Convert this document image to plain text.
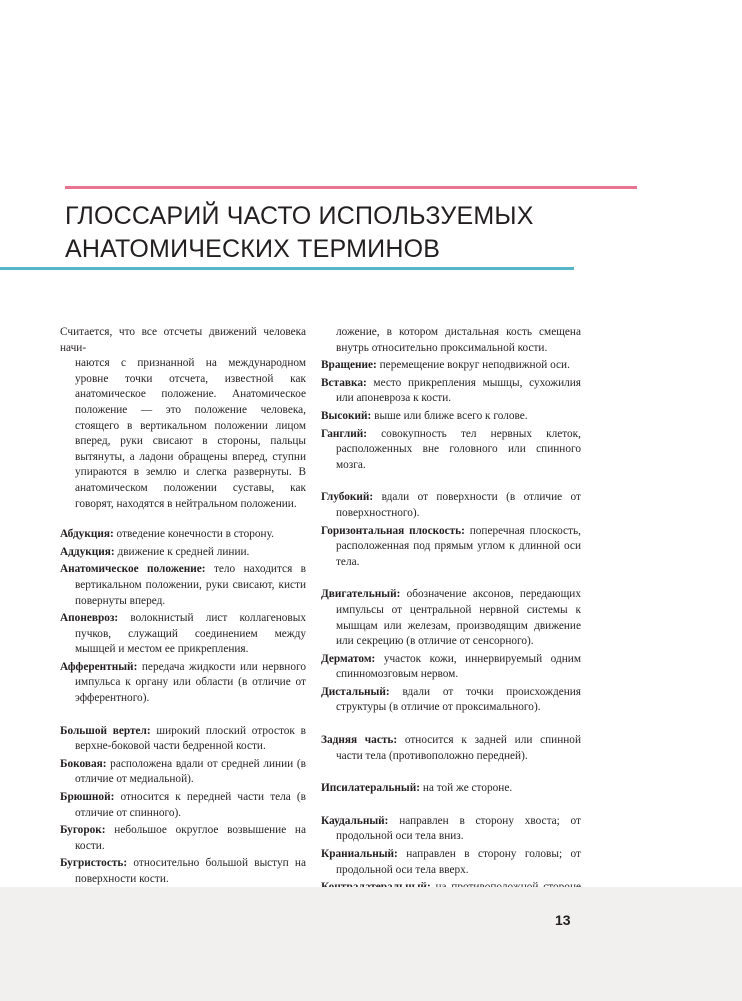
ГЛОССАРИЙ ЧАСТО ИСПОЛЬЗУЕМЫХ
АНАТОМИЧЕСКИХ ТЕРМИНОВ

Считается, что все отсчеты движений человека начи-

наются с признанной на международном уровне точки отсчета, известной как анатомическое положение. Анатомическое положение — это положение человека, стоящего в вертикальном положении лицом вперед, руки свисают в стороны, пальцы вытянуты, а ладони обращены вперед, ступни упираются в землю и слегка развернуты. В анатомическом положении суставы, как говорят, находятся в нейтральном положении.

Абдукция: отведение конечности в сторону.

Аддукция: движение к средней линии.

Анатомическое положение: тело находится в вертикальном положении, руки свисают, кисти повернуты вперед.

Апоневроз: волокнистый лист коллагеновых пучков, служащий соединением между мышцей и местом ее прикрепления.

Афферентный: передача жидкости или нервного импульса к органу или области (в отличие от эфферентного).

Большой вертел: широкий плоский отросток в верхне-боковой части бедренной кости.

Боковая: расположена вдали от средней линии (в отличие от медиальной).

Брюшной: относится к передней части тела (в отличие от спинного).

Бугорок: небольшое округлое возвышение на кости.

Бугристость: относительно большой выступ на поверхности кости.

ложение, в котором дистальная кость смещена внутрь относительно проксимальной кости.

Вращение: перемещение вокруг неподвижной оси.

Вставка: место прикрепления мышцы, сухожилия или апоневроза к кости.

Высокий: выше или ближе всего к голове.

Ганглий: совокупность тел нервных клеток, расположенных вне головного или спинного мозга.

Глубокий: вдали от поверхности (в отличие от поверхностного).

Горизонтальная плоскость: поперечная плоскость, расположенная под прямым углом к длинной оси тела.

Двигательный: обозначение аксонов, передающих импульсы от центральной нервной системы к мышцам или железам, производящим движение или секрецию (в отличие от сенсорного).

Дерматом: участок кожи, иннервируемый одним спинномозговым нервом.

Дистальный: вдали от точки происхождения структуры (в отличие от проксимального).

Задняя часть: относится к задней или спинной части тела (противоположно передней).

Ипсилатеральный: на той же стороне.

Каудальный: направлен в сторону хвоста; от продольной оси тела вниз.

Краниальный: направлен в сторону головы; от продольной оси тела вверх.

13
